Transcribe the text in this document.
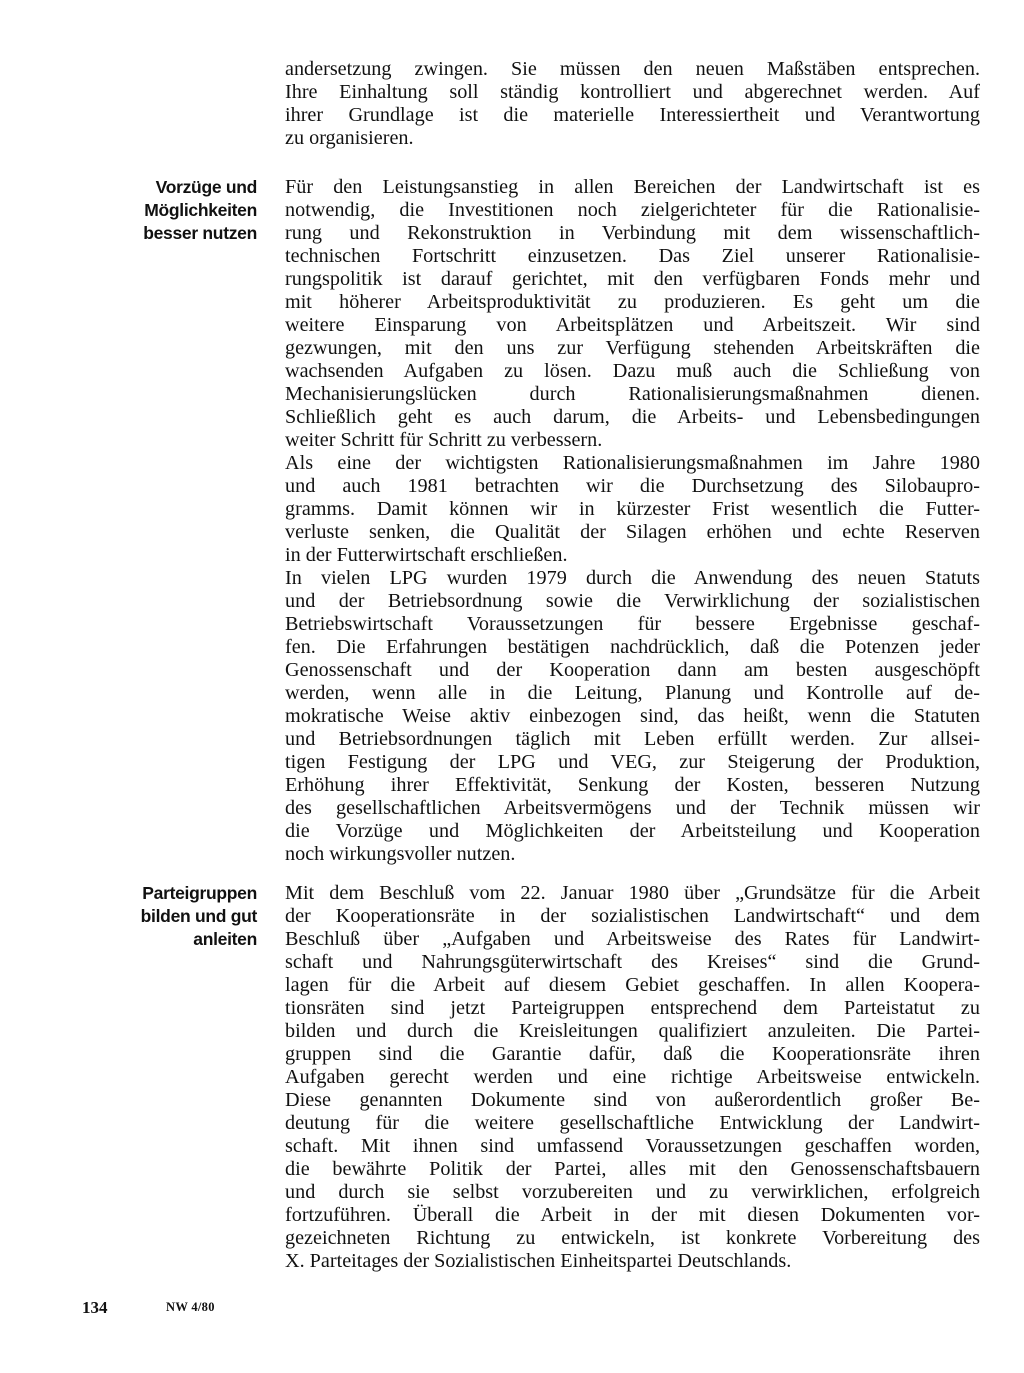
andersetzung zwingen. Sie müssen den neuen Maßstäben entsprechen.
Ihre Einhaltung soll ständig kontrolliert und abgerechnet werden. Auf
ihrer Grundlage ist die materielle Interessiertheit und Verantwortung
zu organisieren.
Vorzüge und
Möglichkeiten
besser nutzen
Für den Leistungsanstieg in allen Bereichen der Landwirtschaft ist es
notwendig, die Investitionen noch zielgerichteter für die Rationalisie-
rung und Rekonstruktion in Verbindung mit dem wissenschaftlich-
technischen Fortschritt einzusetzen. Das Ziel unserer Rationalisie-
rungspolitik ist darauf gerichtet, mit den verfügbaren Fonds mehr und
mit höherer Arbeitsproduktivität zu produzieren. Es geht um die
weitere Einsparung von Arbeitsplätzen und Arbeitszeit. Wir sind
gezwungen, mit den uns zur Verfügung stehenden Arbeitskräften die
wachsenden Aufgaben zu lösen. Dazu muß auch die Schließung von
Mechanisierungslücken durch Rationalisierungsmaßnahmen dienen.
Schließlich geht es auch darum, die Arbeits- und Lebensbedingungen
weiter Schritt für Schritt zu verbessern.
Als eine der wichtigsten Rationalisierungsmaßnahmen im Jahre 1980
und auch 1981 betrachten wir die Durchsetzung des Silobaupro-
gramms. Damit können wir in kürzester Frist wesentlich die Futter-
verluste senken, die Qualität der Silagen erhöhen und echte Reserven
in der Futterwirtschaft erschließen.
In vielen LPG wurden 1979 durch die Anwendung des neuen Statuts
und der Betriebsordnung sowie die Verwirklichung der sozialistischen
Betriebswirtschaft Voraussetzungen für bessere Ergebnisse geschaf-
fen. Die Erfahrungen bestätigen nachdrücklich, daß die Potenzen jeder
Genossenschaft und der Kooperation dann am besten ausgeschöpft
werden, wenn alle in die Leitung, Planung und Kontrolle auf de-
mokratische Weise aktiv einbezogen sind, das heißt, wenn die Statuten
und Betriebsordnungen täglich mit Leben erfüllt werden. Zur allsei-
tigen Festigung der LPG und VEG, zur Steigerung der Produktion,
Erhöhung ihrer Effektivität, Senkung der Kosten, besseren Nutzung
des gesellschaftlichen Arbeitsvermögens und der Technik müssen wir
die Vorzüge und Möglichkeiten der Arbeitsteilung und Kooperation
noch wirkungsvoller nutzen.
Parteigruppen
bilden und gut
anleiten
Mit dem Beschluß vom 22. Januar 1980 über „Grundsätze für die Arbeit
der Kooperationsräte in der sozialistischen Landwirtschaft“ und dem
Beschluß über „Aufgaben und Arbeitsweise des Rates für Landwirt-
schaft und Nahrungsgüterwirtschaft des Kreises“ sind die Grund-
lagen für die Arbeit auf diesem Gebiet geschaffen. In allen Koopera-
tionsräten sind jetzt Parteigruppen entsprechend dem Parteistatut zu
bilden und durch die Kreisleitungen qualifiziert anzuleiten. Die Partei-
gruppen sind die Garantie dafür, daß die Kooperationsräte ihren
Aufgaben gerecht werden und eine richtige Arbeitsweise entwickeln.
Diese genannten Dokumente sind von außerordentlich großer Be-
deutung für die weitere gesellschaftliche Entwicklung der Landwirt-
schaft. Mit ihnen sind umfassend Voraussetzungen geschaffen worden,
die bewährte Politik der Partei, alles mit den Genossenschaftsbauern
und durch sie selbst vorzubereiten und zu verwirklichen, erfolgreich
fortzuführen. Überall die Arbeit in der mit diesen Dokumenten vor-
gezeichneten Richtung zu entwickeln, ist konkrete Vorbereitung des
X. Parteitages der Sozialistischen Einheitspartei Deutschlands.
134	NW 4/80
